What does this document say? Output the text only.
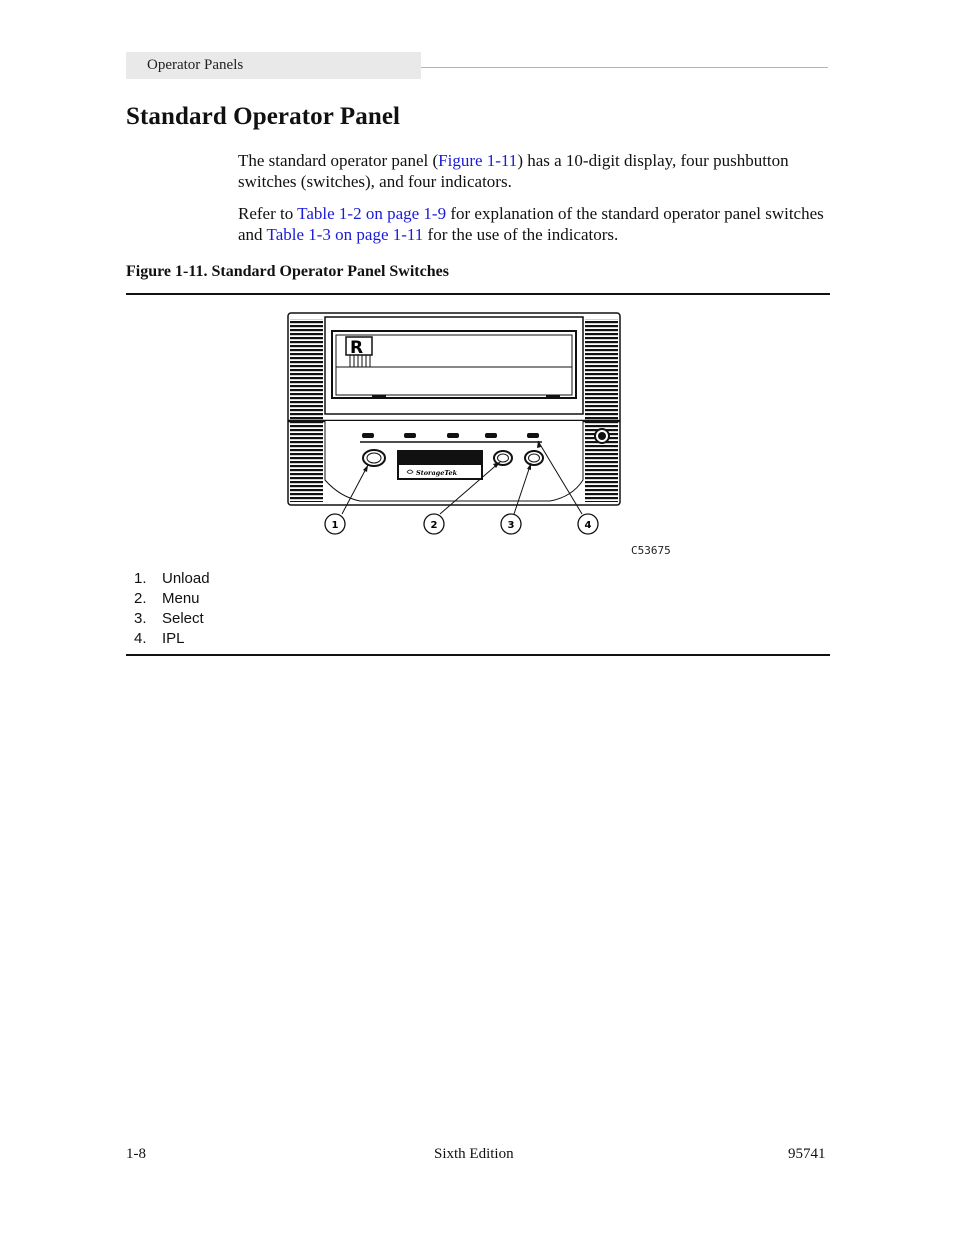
Operator Panels
Standard Operator Panel

The standard operator panel (Figure 1-11) has a 10-digit display, four pushbutton switches (switches), and four indicators.

Refer to Table 1-2 on page 1-9 for explanation of the standard operator panel switches and Table 1-3 on page 1-11 for the use of the indicators.

Figure 1-11. Standard Operator Panel Switches

R
StorageTek
1	2	3	4
C53675
1.	Unload
2.	Menu
3.	Select
4.	IPL
1-8	Sixth Edition	95741
